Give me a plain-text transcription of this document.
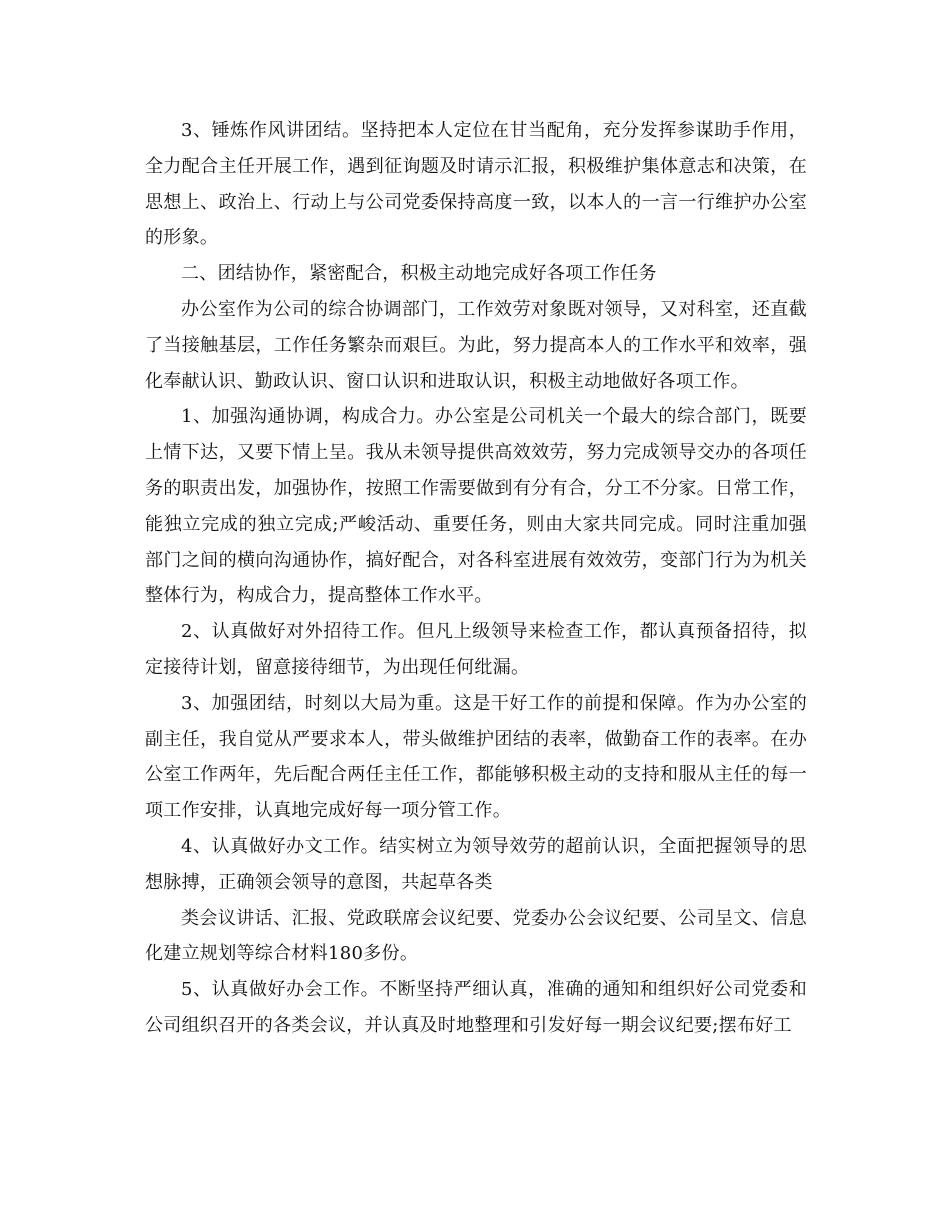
3、锤炼作风讲团结。坚持把本人定位在甘当配角，充分发挥参谋助手作用，全力配合主任开展工作，遇到征询题及时请示汇报，积极维护集体意志和决策，在思想上、政治上、行动上与公司党委保持高度一致，以本人的一言一行维护办公室的形象。

二、团结协作，紧密配合，积极主动地完成好各项工作任务

办公室作为公司的综合协调部门，工作效劳对象既对领导，又对科室，还直截了当接触基层，工作任务繁杂而艰巨。为此，努力提高本人的工作水平和效率，强化奉献认识、勤政认识、窗口认识和进取认识，积极主动地做好各项工作。

1、加强沟通协调，构成合力。办公室是公司机关一个最大的综合部门，既要上情下达，又要下情上呈。我从未领导提供高效效劳，努力完成领导交办的各项任务的职责出发，加强协作，按照工作需要做到有分有合，分工不分家。日常工作，能独立完成的独立完成;严峻活动、重要任务，则由大家共同完成。同时注重加强部门之间的横向沟通协作，搞好配合，对各科室进展有效效劳，变部门行为为机关整体行为，构成合力，提高整体工作水平。

2、认真做好对外招待工作。但凡上级领导来检查工作，都认真预备招待，拟定接待计划，留意接待细节，为出现任何纰漏。

3、加强团结，时刻以大局为重。这是干好工作的前提和保障。作为办公室的副主任，我自觉从严要求本人，带头做维护团结的表率，做勤奋工作的表率。在办公室工作两年，先后配合两任主任工作，都能够积极主动的支持和服从主任的每一项工作安排，认真地完成好每一项分管工作。

4、认真做好办文工作。结实树立为领导效劳的超前认识，全面把握领导的思想脉搏，正确领会领导的意图，共起草各类

类会议讲话、汇报、党政联席会议纪要、党委办公会议纪要、公司呈文、信息化建立规划等综合材料180多份。

5、认真做好办会工作。不断坚持严细认真，准确的通知和组织好公司党委和公司组织召开的各类会议，并认真及时地整理和引发好每一期会议纪要;摆布好工
